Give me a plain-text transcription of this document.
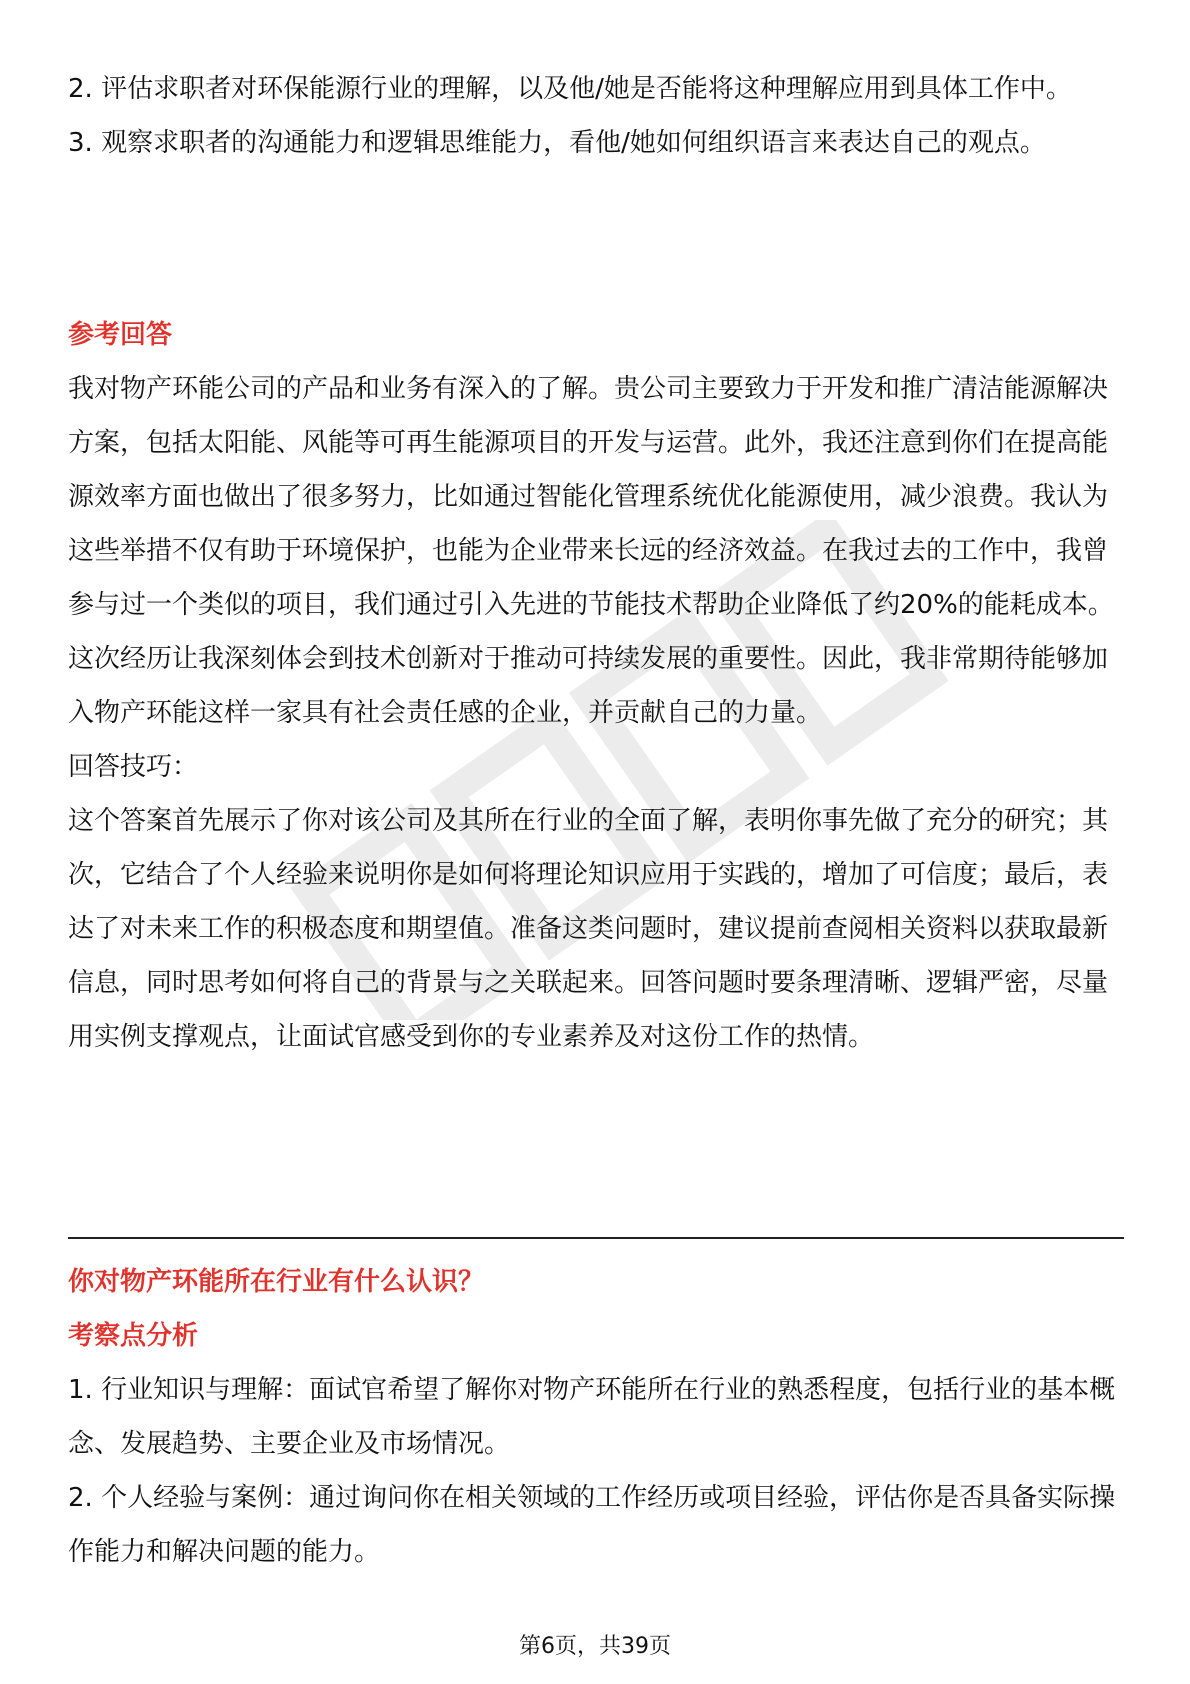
2. 评估求职者对环保能源行业的理解，以及他/她是否能将这种理解应用到具体工作中。

3. 观察求职者的沟通能力和逻辑思维能力，看他/她如何组织语言来表达自己的观点。

参考回答

我对物产环能公司的产品和业务有深入的了解。贵公司主要致力于开发和推广清洁能源解决方案，包括太阳能、风能等可再生能源项目的开发与运营。此外，我还注意到你们在提高能源效率方面也做出了很多努力，比如通过智能化管理系统优化能源使用，减少浪费。我认为这些举措不仅有助于环境保护，也能为企业带来长远的经济效益。在我过去的工作中，我曾参与过一个类似的项目，我们通过引入先进的节能技术帮助企业降低了约20%的能耗成本。这次经历让我深刻体会到技术创新对于推动可持续发展的重要性。因此，我非常期待能够加入物产环能这样一家具有社会责任感的企业，并贡献自己的力量。

回答技巧：

这个答案首先展示了你对该公司及其所在行业的全面了解，表明你事先做了充分的研究；其次，它结合了个人经验来说明你是如何将理论知识应用于实践的，增加了可信度；最后，表达了对未来工作的积极态度和期望值。准备这类问题时，建议提前查阅相关资料以获取最新信息，同时思考如何将自己的背景与之关联起来。回答问题时要条理清晰、逻辑严密，尽量用实例支撑观点，让面试官感受到你的专业素养及对这份工作的热情。

你对物产环能所在行业有什么认识？

考察点分析

1. 行业知识与理解：面试官希望了解你对物产环能所在行业的熟悉程度，包括行业的基本概念、发展趋势、主要企业及市场情况。

2. 个人经验与案例：通过询问你在相关领域的工作经历或项目经验，评估你是否具备实际操作能力和解决问题的能力。

第6页，共39页
